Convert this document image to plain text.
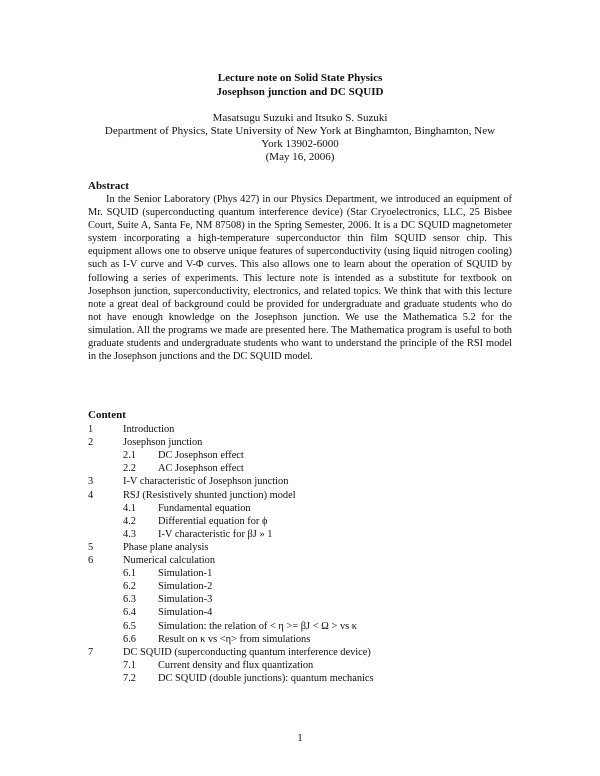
Lecture note on Solid State Physics
Josephson junction and DC SQUID
Masatsugu Suzuki and Itsuko S. Suzuki
Department of Physics, State University of New York at Binghamton, Binghamton, New
York 13902-6000
(May 16, 2006)
Abstract

In the Senior Laboratory (Phys 427) in our Physics Department, we introduced an equipment of Mr. SQUID (superconducting quantum interference device) (Star Cryoelectronics, LLC, 25 Bisbee Court, Suite A, Santa Fe, NM 87508) in the Spring Semester, 2006. It is a DC SQUID magnetometer system incorporating a high-temperature superconductor thin film SQUID sensor chip. This equipment allows one to observe unique features of superconductivity (using liquid nitrogen cooling) such as I-V curve and V-Φ curves. This also allows one to learn about the operation of SQUID by following a series of experiments. This lecture note is intended as a substitute for textbook on Josephson junction, superconductivity, electronics, and related topics. We think that with this lecture note a great deal of background could be provided for undergraduate and graduate students who do not have enough knowledge on the Josephson junction. We use the Mathematica 5.2 for the simulation. All the programs we made are presented here. The Mathematica program is useful to both graduate students and undergraduate students who want to understand the principle of the RSI model in the Josephson junctions and the DC SQUID model.

Content
1	Introduction
2	Josephson junction
2.1 DC Josephson effect
2.2 AC Josephson effect
3	I-V characteristic of Josephson junction
4	RSJ (Resistively shunted junction) model
4.1 Fundamental equation
4.2 Differential equation for ϕ
4.3 I-V characteristic for βJ » 1
5	Phase plane analysis
6	Numerical calculation
6.1 Simulation-1
6.2 Simulation-2
6.3 Simulation-3
6.4 Simulation-4
6.5 Simulation: the relation of < η >= βJ < Ω > vs κ
6.6 Result on κ vs <η> from simulations
7	DC SQUID (superconducting quantum interference device)
7.1 Current density and flux quantization
7.2 DC SQUID (double junctions): quantum mechanics
1
